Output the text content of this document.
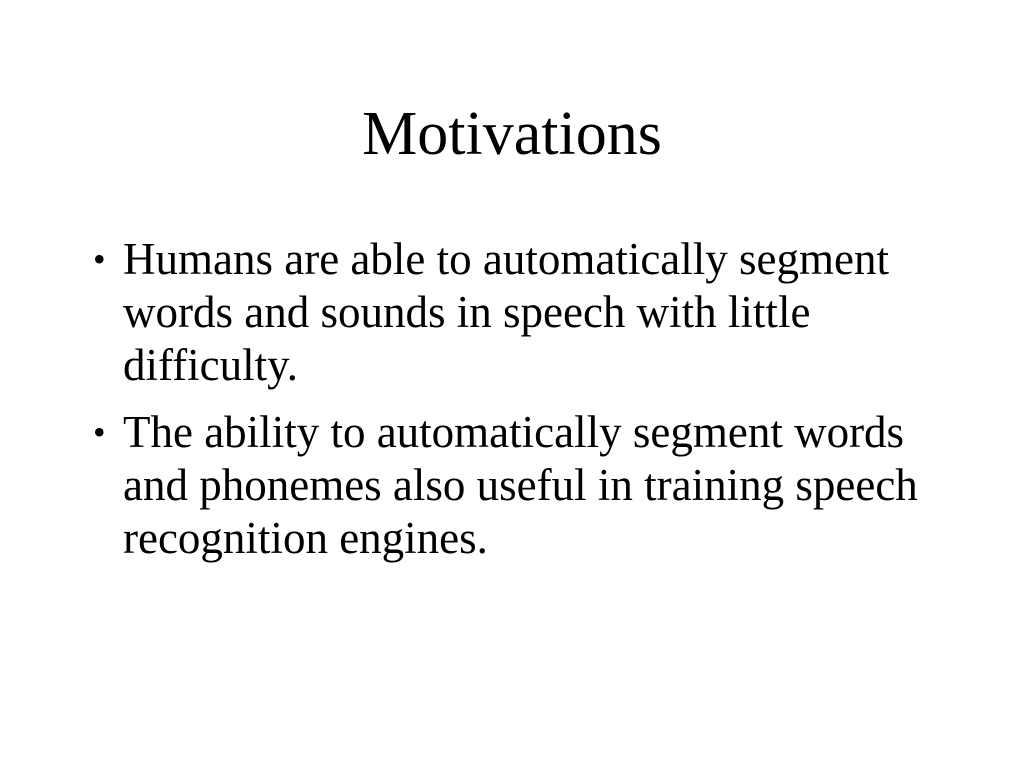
Motivations
• Humans are able to automatically segment words and sounds in speech with little difficulty.
• The ability to automatically segment words and phonemes also useful in training speech recognition engines.
